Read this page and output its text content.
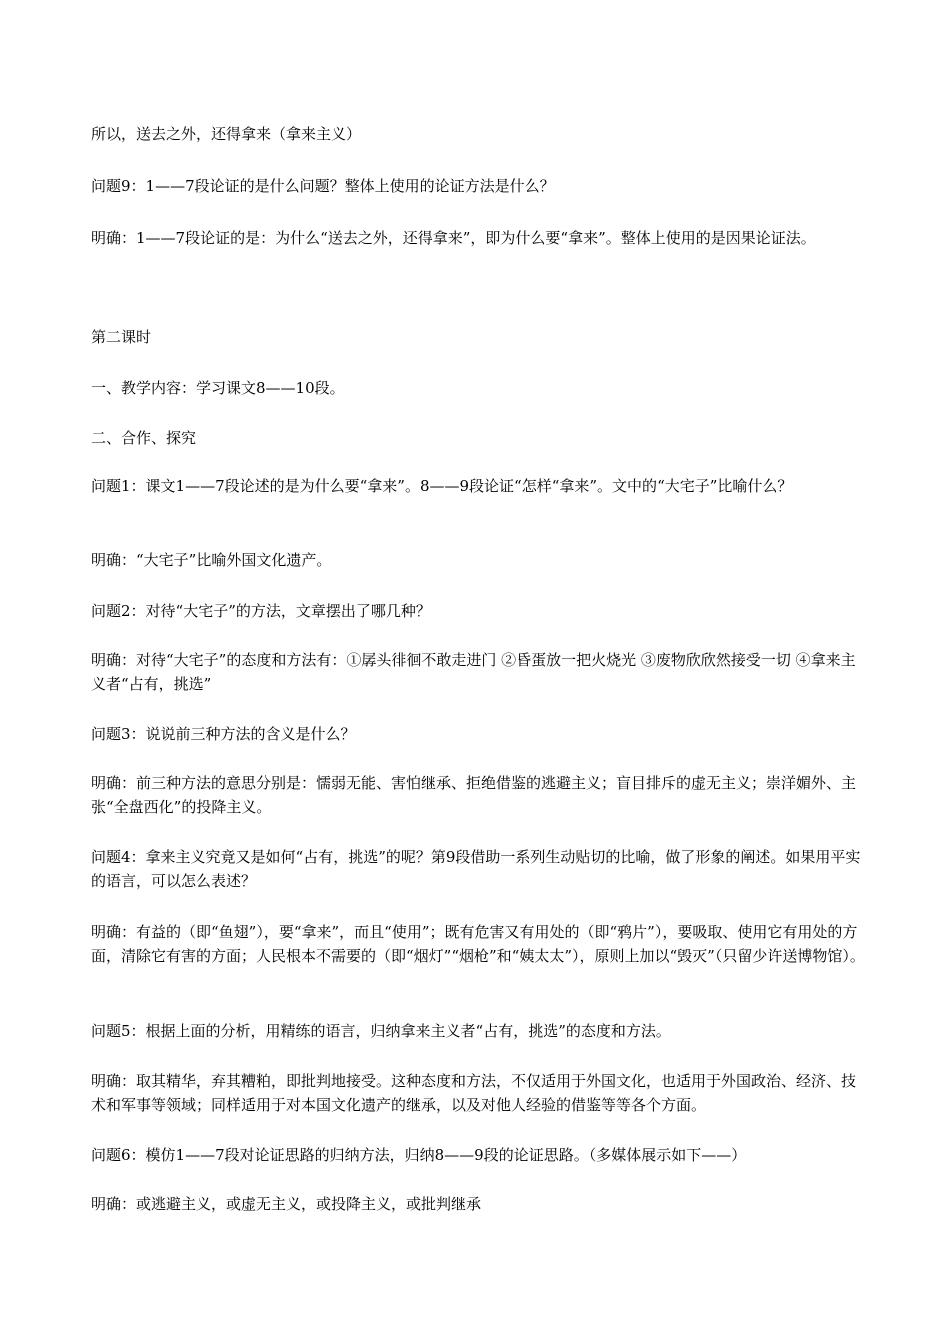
所以，送去之外，还得拿来（拿来主义）

问题9：1——7段论证的是什么问题？整体上使用的论证方法是什么？

明确：1——7段论证的是：为什么“送去之外，还得拿来”，即为什么要“拿来”。整体上使用的是因果论证法。

第二课时

一、教学内容：学习课文8——10段。

二、合作、探究

问题1：课文1——7段论述的是为什么要“拿来”。8——9段论证“怎样“拿来”。文中的“大宅子”比喻什么？

明确：“大宅子”比喻外国文化遗产。

问题2：对待“大宅子”的方法，文章摆出了哪几种？

明确：对待“大宅子”的态度和方法有：①孱头徘徊不敢走进门 ②昏蛋放一把火烧光 ③废物欣欣然接受一切 ④拿来主义者“占有，挑选”

问题3：说说前三种方法的含义是什么？

明确：前三种方法的意思分别是：懦弱无能、害怕继承、拒绝借鉴的逃避主义；盲目排斥的虚无主义；崇洋媚外、主张“全盘西化”的投降主义。

问题4：拿来主义究竟又是如何“占有，挑选”的呢？第9段借助一系列生动贴切的比喻，做了形象的阐述。如果用平实的语言，可以怎么表述？

明确：有益的（即“鱼翅”），要“拿来”，而且“使用”；既有危害又有用处的（即“鸦片”），要吸取、使用它有用处的方面，清除它有害的方面；人民根本不需要的（即“烟灯”“烟枪”和“姨太太”），原则上加以“毁灭”（只留少许送博物馆）。

问题5：根据上面的分析，用精练的语言，归纳拿来主义者“占有，挑选”的态度和方法。

明确：取其精华，弃其糟粕，即批判地接受。这种态度和方法，不仅适用于外国文化，也适用于外国政治、经济、技术和军事等领域；同样适用于对本国文化遗产的继承，以及对他人经验的借鉴等等各个方面。

问题6：模仿1——7段对论证思路的归纳方法，归纳8——9段的论证思路。（多媒体展示如下——）

明确：或逃避主义，或虚无主义，或投降主义，或批判继承
